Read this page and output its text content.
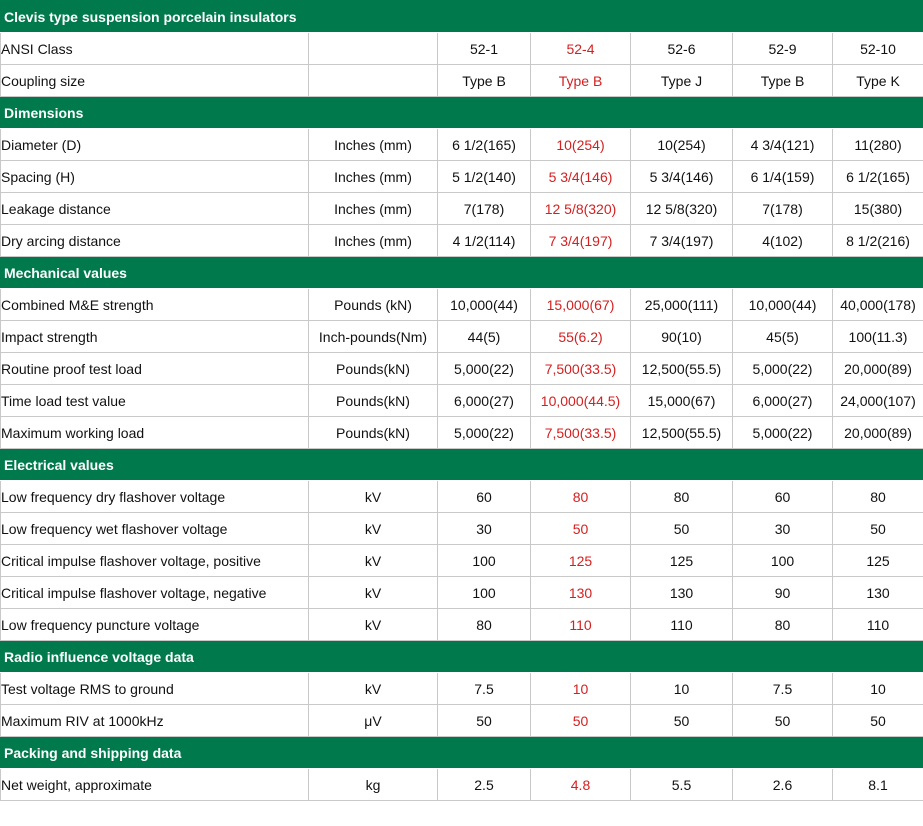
Clevis type suspension porcelain insulators						
ANSI Class		52-1	52-4	52-6	52-9	52-10
Coupling size		Type B	Type B	Type J	Type B	Type K
Dimensions						
Diameter (D)	Inches (mm)	6 1/2(165)	10(254)	10(254)	4 3/4(121)	11(280)
Spacing (H)	Inches (mm)	5 1/2(140)	5 3/4(146)	5 3/4(146)	6 1/4(159)	6 1/2(165)
Leakage distance	Inches (mm)	7(178)	12 5/8(320)	12 5/8(320)	7(178)	15(380)
Dry arcing distance	Inches (mm)	4 1/2(114)	7 3/4(197)	7 3/4(197)	4(102)	8 1/2(216)
Mechanical values						
Combined M&E strength	Pounds (kN)	10,000(44)	15,000(67)	25,000(111)	10,000(44)	40,000(178)
Impact strength	Inch-pounds(Nm)	44(5)	55(6.2)	90(10)	45(5)	100(11.3)
Routine proof test load	Pounds(kN)	5,000(22)	7,500(33.5)	12,500(55.5)	5,000(22)	20,000(89)
Time load test value	Pounds(kN)	6,000(27)	10,000(44.5)	15,000(67)	6,000(27)	24,000(107)
Maximum working load	Pounds(kN)	5,000(22)	7,500(33.5)	12,500(55.5)	5,000(22)	20,000(89)
Electrical values						
Low frequency dry flashover voltage	kV	60	80	80	60	80
Low frequency wet flashover voltage	kV	30	50	50	30	50
Critical impulse flashover voltage, positive	kV	100	125	125	100	125
Critical impulse flashover voltage, negative	kV	100	130	130	90	130
Low frequency puncture voltage	kV	80	110	110	80	110
Radio influence voltage data						
Test voltage RMS to ground	kV	7.5	10	10	7.5	10
Maximum RIV at 1000kHz	μV	50	50	50	50	50
Packing and shipping data						
Net weight, approximate	kg	2.5	4.8	5.5	2.6	8.1
